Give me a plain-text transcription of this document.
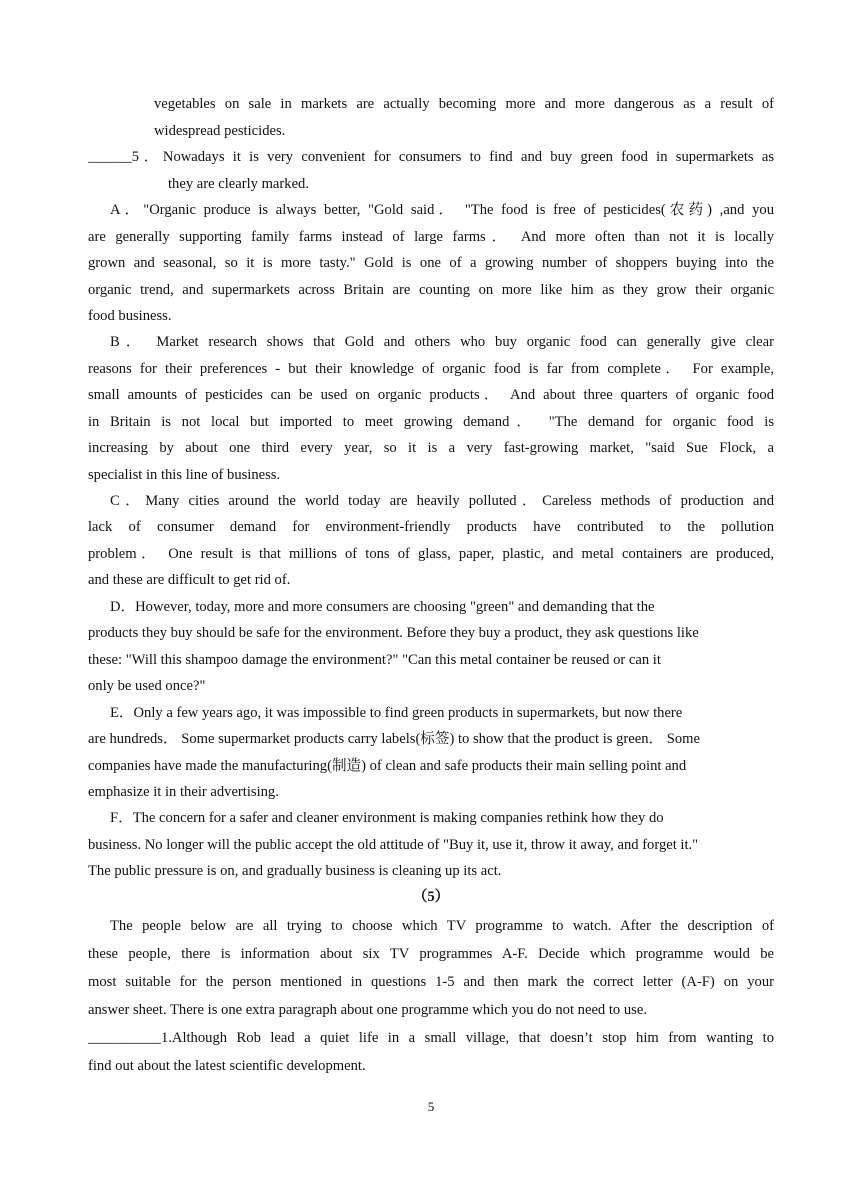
vegetables on sale in markets are actually becoming more and more dangerous as a result of
widespread pesticides.
______5．Nowadays it is very convenient for consumers to find and buy green food in supermarkets as
they are clearly marked.
A．"Organic produce is always better, "Gold said． "The food is free of pesticides(农药) ,and you
are generally supporting family farms instead of large farms． And more often than not it is locally
grown and seasonal, so it is more tasty." Gold is one of a growing number of shoppers buying into the
organic trend, and supermarkets across Britain are counting on more like him as they grow their organic
food business.
B． Market research shows that Gold and others who buy organic food can generally give clear
reasons for their preferences - but their knowledge of organic food is far from complete． For example,
small amounts of pesticides can be used on organic products． And about three quarters of organic food
in Britain is not local but imported to meet growing demand． "The demand for organic food is
increasing by about one third every year, so it is a very fast-growing market, "said Sue Flock, a
specialist in this line of business.
C．Many cities around the world today are heavily polluted．Careless methods of production and
lack of consumer demand for environment-friendly products have contributed to the pollution
problem． One result is that millions of tons of glass, paper, plastic, and metal containers are produced,
and these are difficult to get rid of.
D．However, today, more and more consumers are choosing "green" and demanding that the
products they buy should be safe for the environment. Before they buy a product, they ask questions like
these: "Will this shampoo damage the environment?" "Can this metal container be reused or can it
only be used once?"
E．Only a few years ago, it was impossible to find green products in supermarkets, but now there
are hundreds． Some supermarket products carry labels(标签) to show that the product is green． Some
companies have made the manufacturing(制造) of clean and safe products their main selling point and
emphasize it in their advertising.
F．The concern for a safer and cleaner environment is making companies rethink how they do
business. No longer will the public accept the old attitude of "Buy it, use it, throw it away, and forget it."
The public pressure is on, and gradually business is cleaning up its act.
（5）
The people below are all trying to choose which TV programme to watch. After the description of
these people, there is information about six TV programmes A-F. Decide which programme would be
most suitable for the person mentioned in questions 1-5 and then mark the correct letter (A-F) on your
answer sheet. There is one extra paragraph about one programme which you do not need to use.
__________1.Although Rob lead a quiet life in a small village, that doesn’t stop him from wanting to
find out about the latest scientific development.
5
